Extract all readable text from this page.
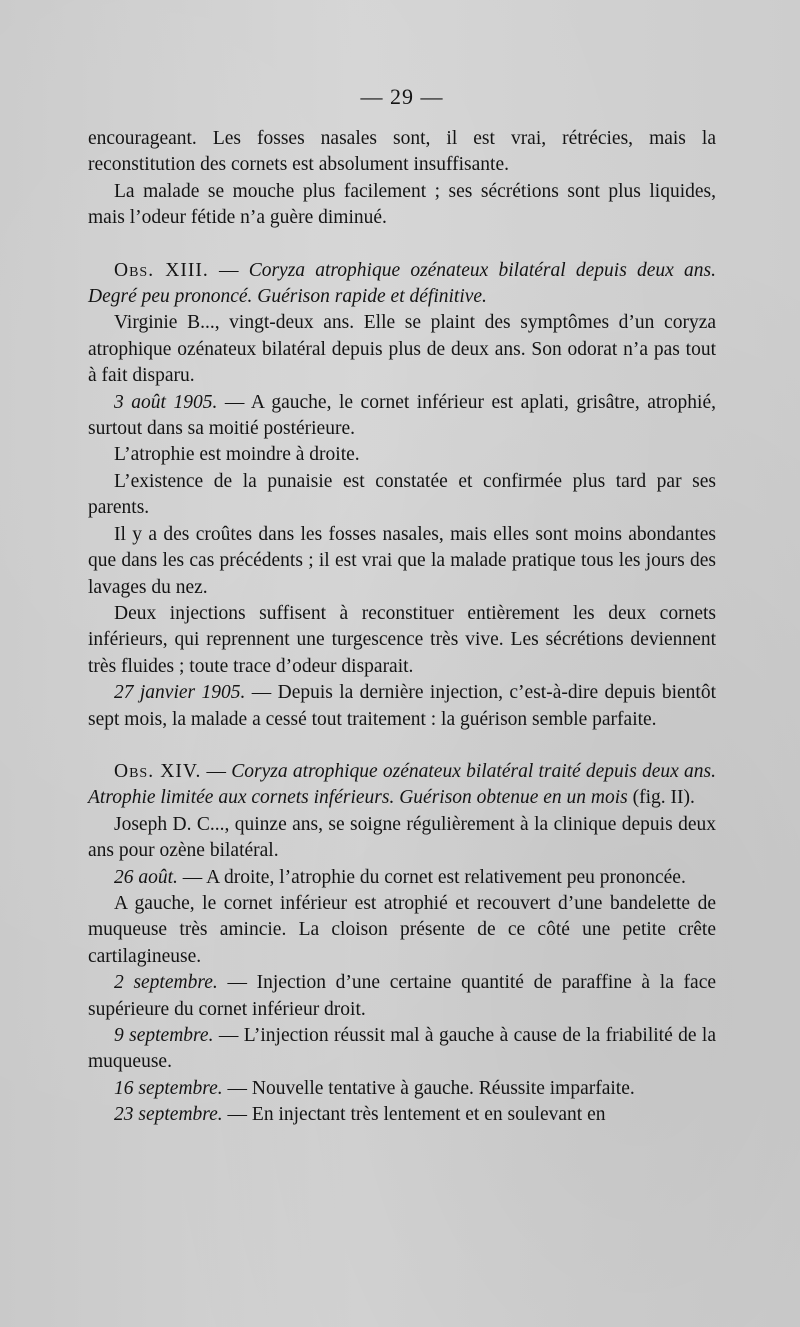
— 29 —

encourageant. Les fosses nasales sont, il est vrai, rétrécies, mais la reconstitution des cornets est absolument insuffisante.

La malade se mouche plus facilement ; ses sécrétions sont plus liquides, mais l’odeur fétide n’a guère diminué.

Obs. XIII. — Coryza atrophique ozénateux bilatéral depuis deux ans. Degré peu prononcé. Guérison rapide et définitive.

Virginie B..., vingt-deux ans. Elle se plaint des symptômes d’un coryza atrophique ozénateux bilatéral depuis plus de deux ans. Son odorat n’a pas tout à fait disparu.

3 août 1905. — A gauche, le cornet inférieur est aplati, grisâtre, atrophié, surtout dans sa moitié postérieure.

L’atrophie est moindre à droite.

L’existence de la punaisie est constatée et confirmée plus tard par ses parents.

Il y a des croûtes dans les fosses nasales, mais elles sont moins abondantes que dans les cas précédents ; il est vrai que la malade pratique tous les jours des lavages du nez.

Deux injections suffisent à reconstituer entièrement les deux cornets inférieurs, qui reprennent une turgescence très vive. Les sécrétions deviennent très fluides ; toute trace d’odeur disparait.

27 janvier 1905. — Depuis la dernière injection, c’est-à-dire depuis bientôt sept mois, la malade a cessé tout traitement : la guérison semble parfaite.

Obs. XIV. — Coryza atrophique ozénateux bilatéral traité depuis deux ans. Atrophie limitée aux cornets inférieurs. Guérison obtenue en un mois (fig. II).

Joseph D. C..., quinze ans, se soigne régulièrement à la clinique depuis deux ans pour ozène bilatéral.

26 août. — A droite, l’atrophie du cornet est relativement peu prononcée.

A gauche, le cornet inférieur est atrophié et recouvert d’une bandelette de muqueuse très amincie. La cloison présente de ce côté une petite crête cartilagineuse.

2 septembre. — Injection d’une certaine quantité de paraffine à la face supérieure du cornet inférieur droit.

9 septembre. — L’injection réussit mal à gauche à cause de la friabilité de la muqueuse.

16 septembre. — Nouvelle tentative à gauche. Réussite imparfaite.

23 septembre. — En injectant très lentement et en soulevant en
